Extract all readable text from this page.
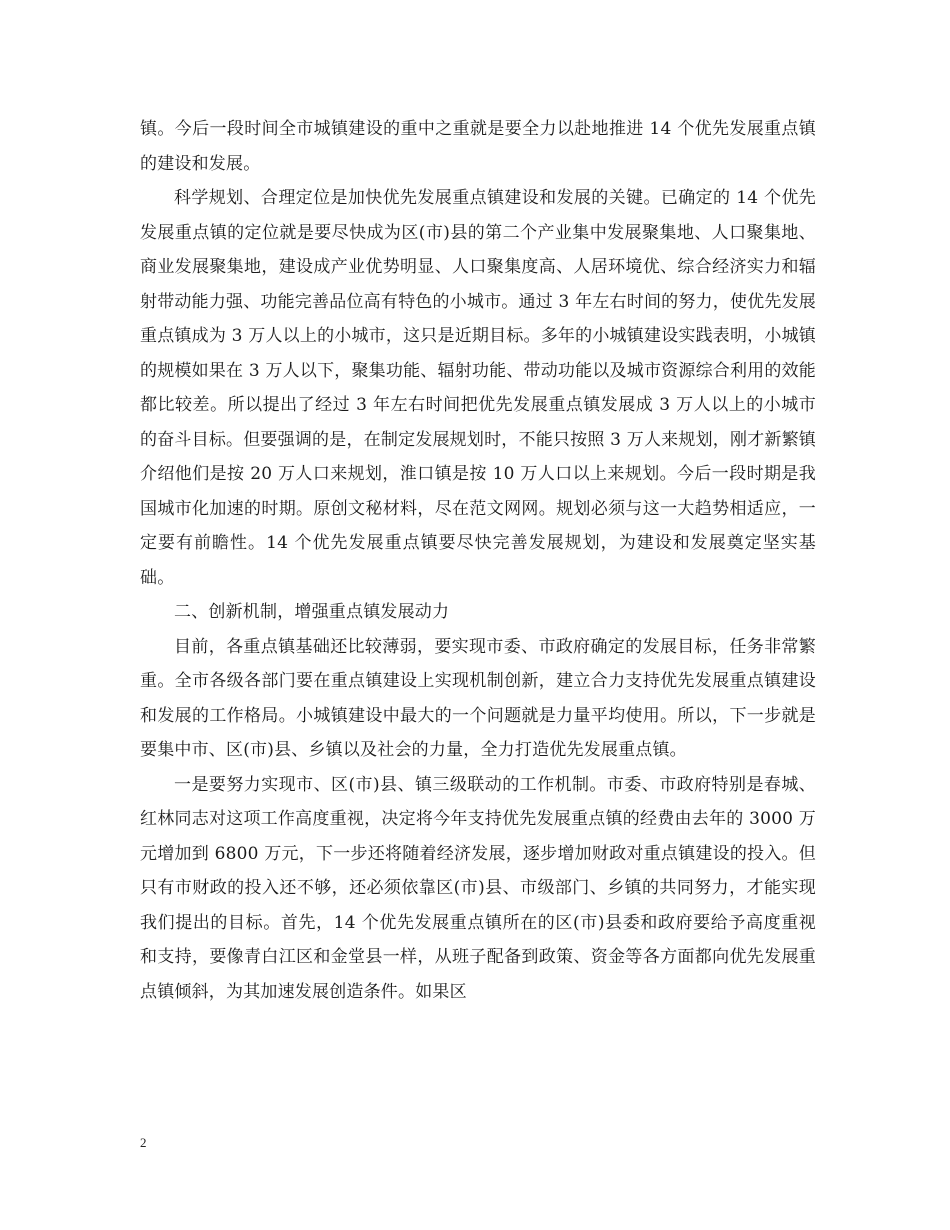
镇。今后一段时间全市城镇建设的重中之重就是要全力以赴地推进 14 个优先发展重点镇的建设和发展。

科学规划、合理定位是加快优先发展重点镇建设和发展的关键。已确定的 14 个优先发展重点镇的定位就是要尽快成为区(市)县的第二个产业集中发展聚集地、人口聚集地、商业发展聚集地，建设成产业优势明显、人口聚集度高、人居环境优、综合经济实力和辐射带动能力强、功能完善品位高有特色的小城市。通过 3 年左右时间的努力，使优先发展重点镇成为 3 万人以上的小城市，这只是近期目标。多年的小城镇建设实践表明，小城镇的规模如果在 3 万人以下，聚集功能、辐射功能、带动功能以及城市资源综合利用的效能都比较差。所以提出了经过 3 年左右时间把优先发展重点镇发展成 3 万人以上的小城市的奋斗目标。但要强调的是，在制定发展规划时，不能只按照 3 万人来规划，刚才新繁镇介绍他们是按 20 万人口来规划，淮口镇是按 10 万人口以上来规划。今后一段时期是我国城市化加速的时期。原创文秘材料，尽在范文网网。规划必须与这一大趋势相适应，一定要有前瞻性。14 个优先发展重点镇要尽快完善发展规划，为建设和发展奠定坚实基础。

二、创新机制，增强重点镇发展动力

目前，各重点镇基础还比较薄弱，要实现市委、市政府确定的发展目标，任务非常繁重。全市各级各部门要在重点镇建设上实现机制创新，建立合力支持优先发展重点镇建设和发展的工作格局。小城镇建设中最大的一个问题就是力量平均使用。所以，下一步就是要集中市、区(市)县、乡镇以及社会的力量，全力打造优先发展重点镇。

一是要努力实现市、区(市)县、镇三级联动的工作机制。市委、市政府特别是春城、红林同志对这项工作高度重视，决定将今年支持优先发展重点镇的经费由去年的 3000 万元增加到 6800 万元，下一步还将随着经济发展，逐步增加财政对重点镇建设的投入。但只有市财政的投入还不够，还必须依靠区(市)县、市级部门、乡镇的共同努力，才能实现我们提出的目标。首先，14 个优先发展重点镇所在的区(市)县委和政府要给予高度重视和支持，要像青白江区和金堂县一样，从班子配备到政策、资金等各方面都向优先发展重点镇倾斜，为其加速发展创造条件。如果区

2
